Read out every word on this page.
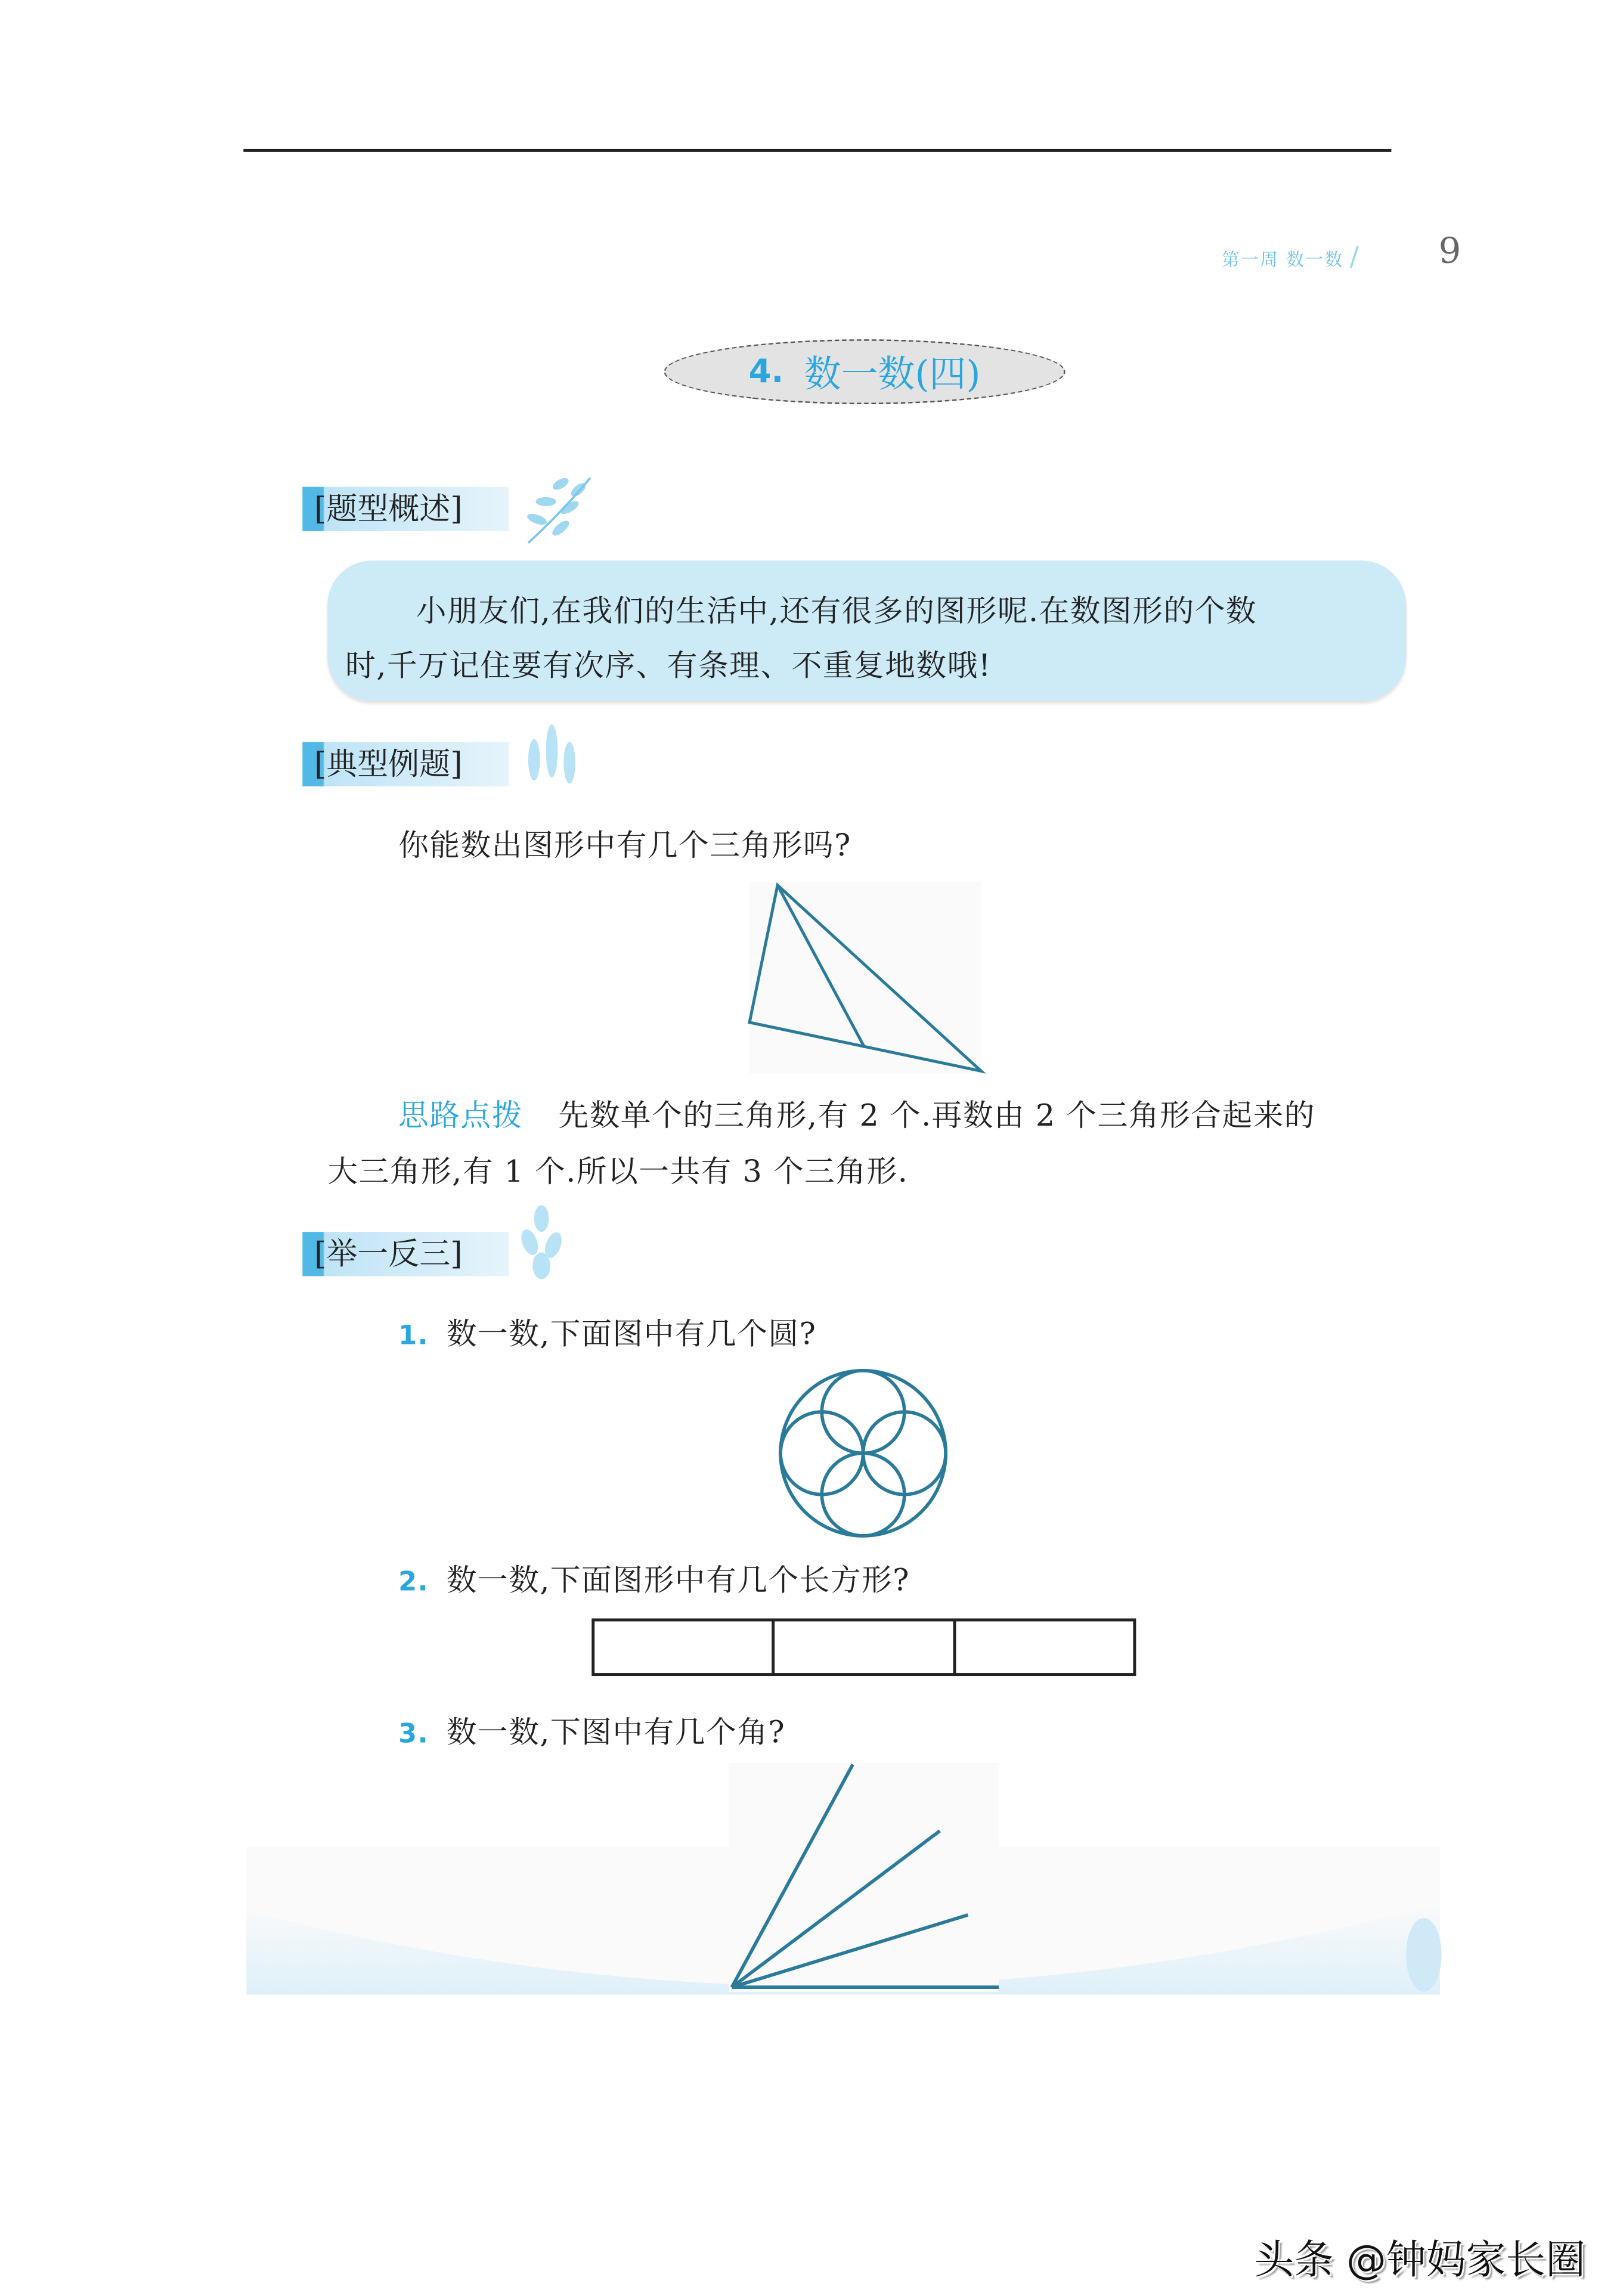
第一周 数一数 /	9
4. 数一数(四)
[题型概述]

小朋友们,在我们的生活中,还有很多的图形呢.在数图形的个数

时,千万记住要有次序、有条理、不重复地数哦!

[典型例题]
你能数出图形中有几个三角形吗?
思路点拨	先数单个的三角形,有 2 个.再数由 2 个三角形合起来的
大三角形,有 1 个.所以一共有 3 个三角形.
[举一反三]
1. 数一数,下面图中有几个圆?
2. 数一数,下面图形中有几个长方形?
3. 数一数,下图中有几个角?
头条 @钟妈家长圈
